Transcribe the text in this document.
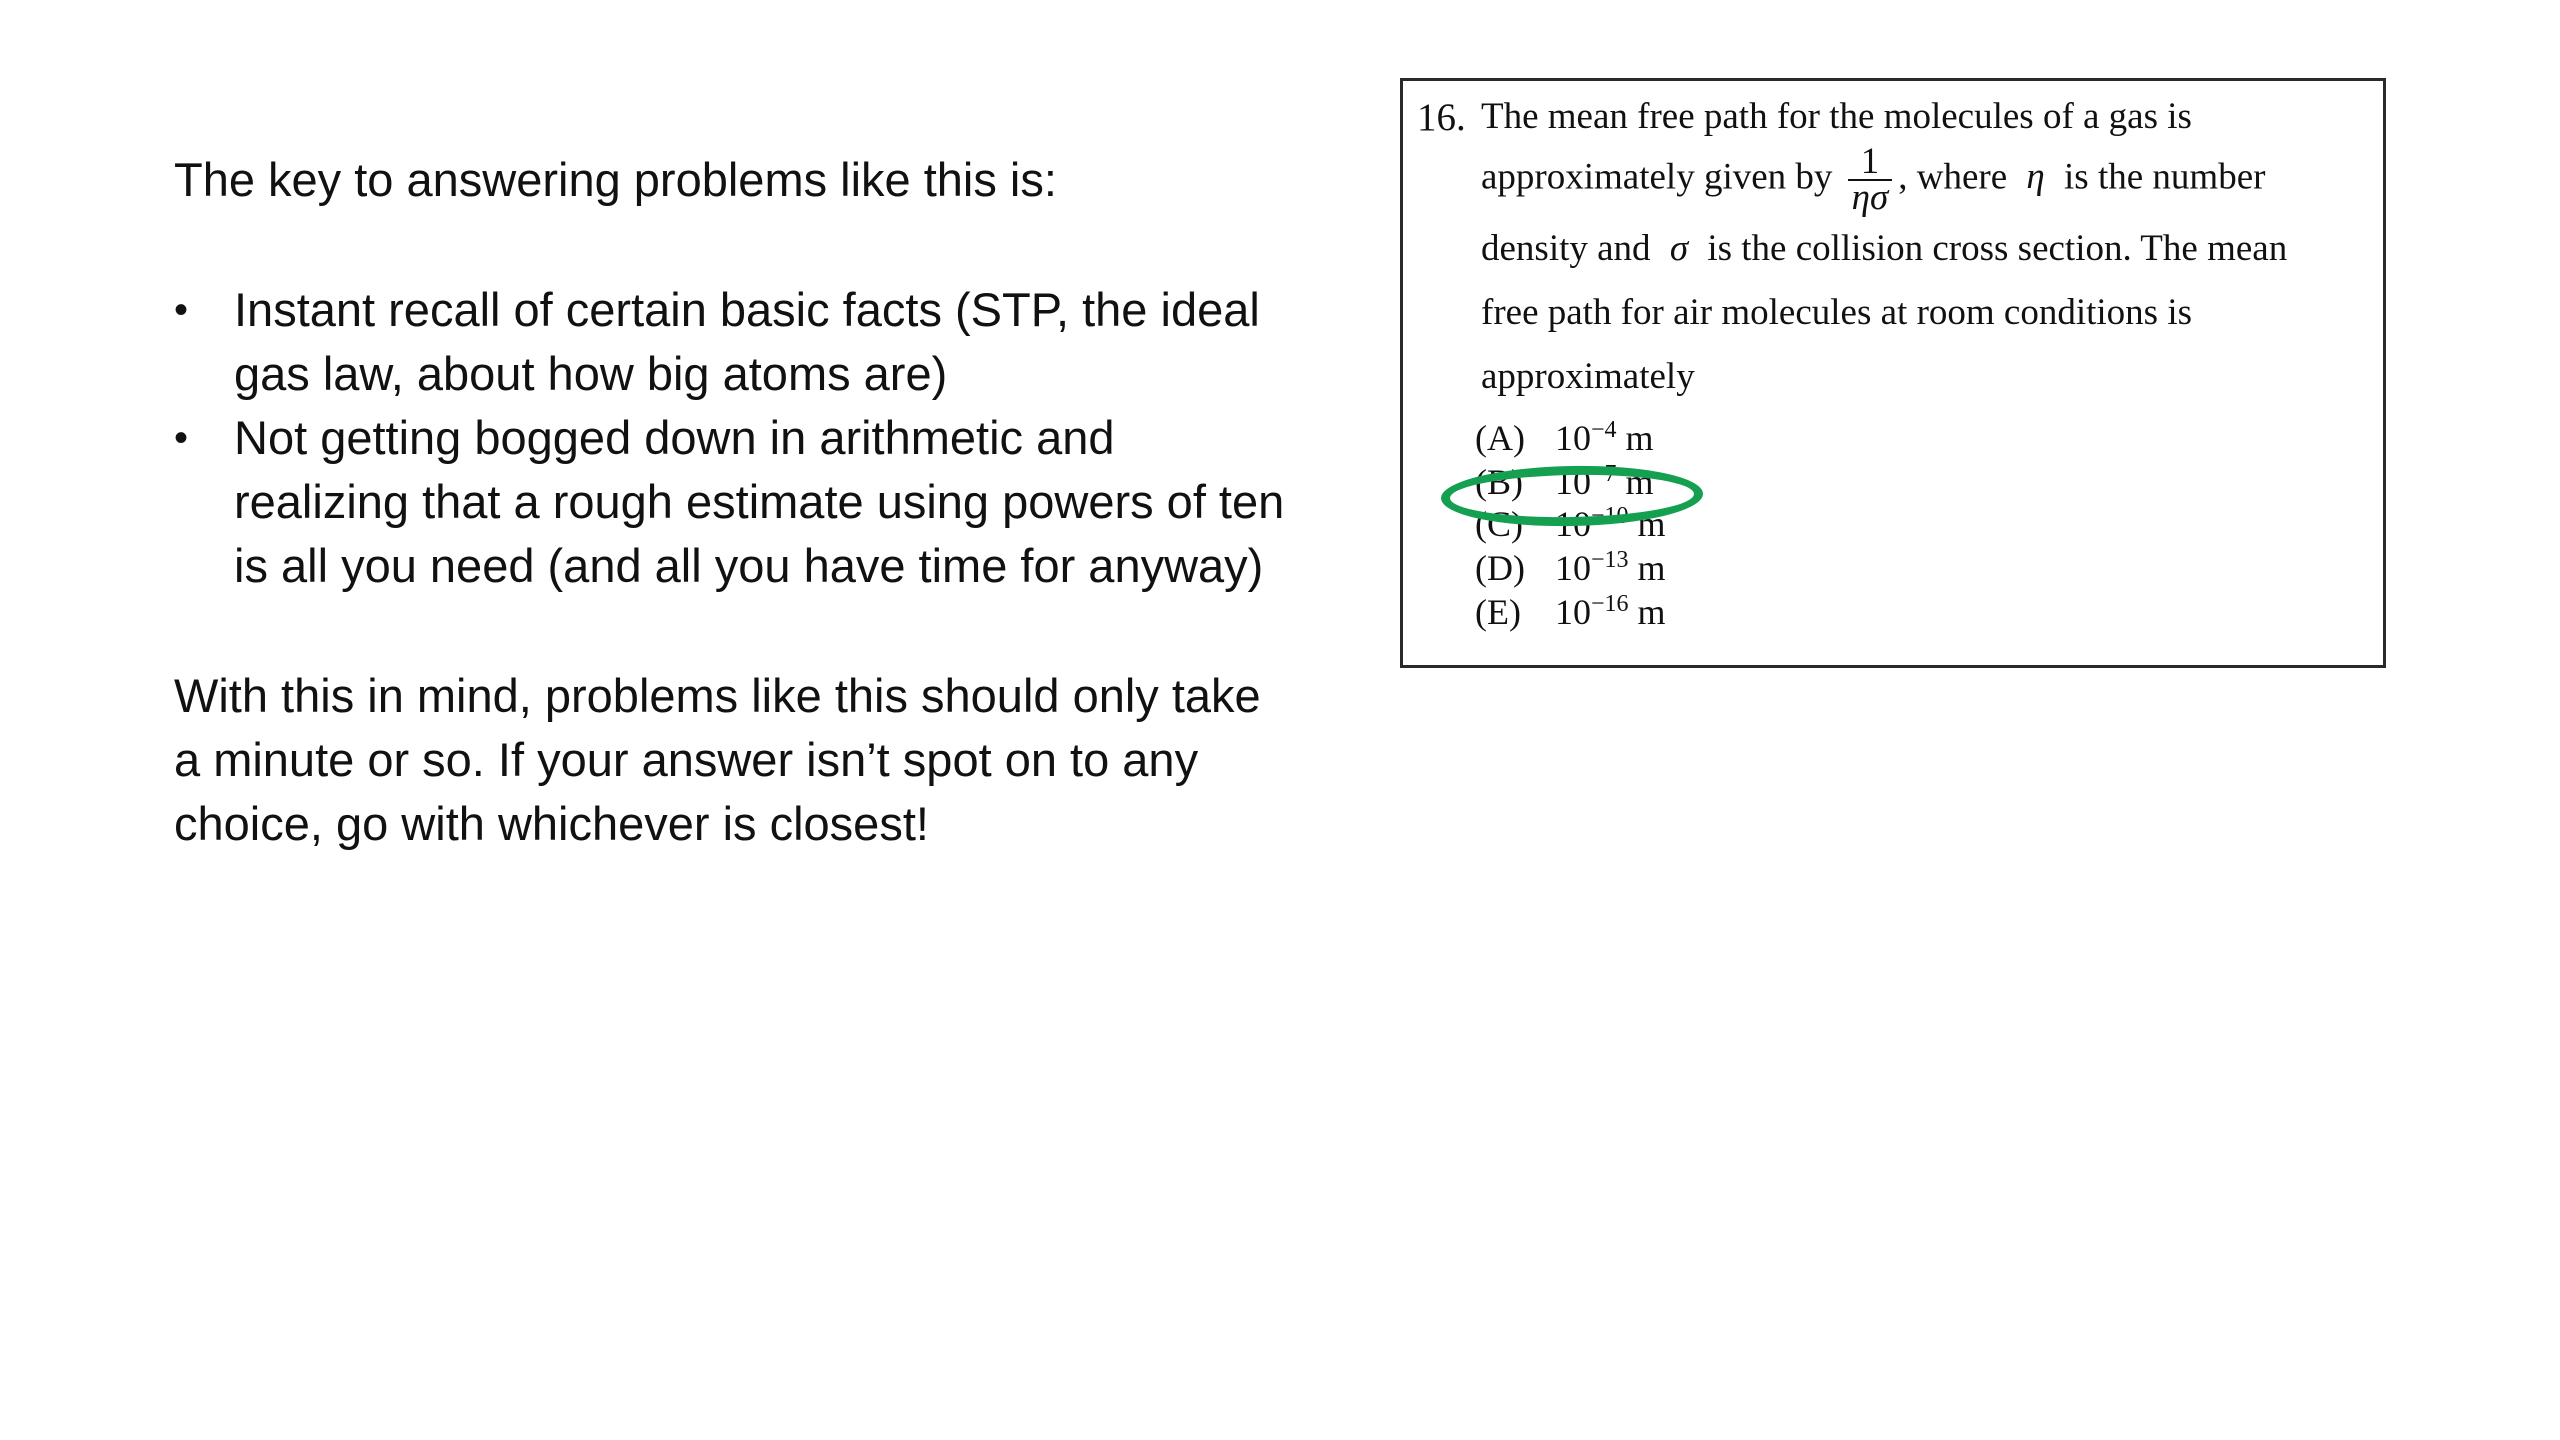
The key to answering problems like this is:

• Instant recall of certain basic facts (STP, the ideal gas law, about how big atoms are)
• Not getting bogged down in arithmetic and realizing that a rough estimate using powers of ten is all you need (and all you have time for anyway)

With this in mind, problems like this should only take a minute or so. If your answer isn’t spot on to any choice, go with whichever is closest!

16. The mean free path for the molecules of a gas is
approximately given by $\frac{1}{\eta\sigma}$ , where η is the number
density and σ is the collision cross section. The mean
free path for air molecules at room conditions is
approximately
(A) $10^{-4}$ m
(B) $10^{-7}$ m
(C) $10^{-10}$ m
(D) $10^{-13}$ m
(E) $10^{-16}$ m
